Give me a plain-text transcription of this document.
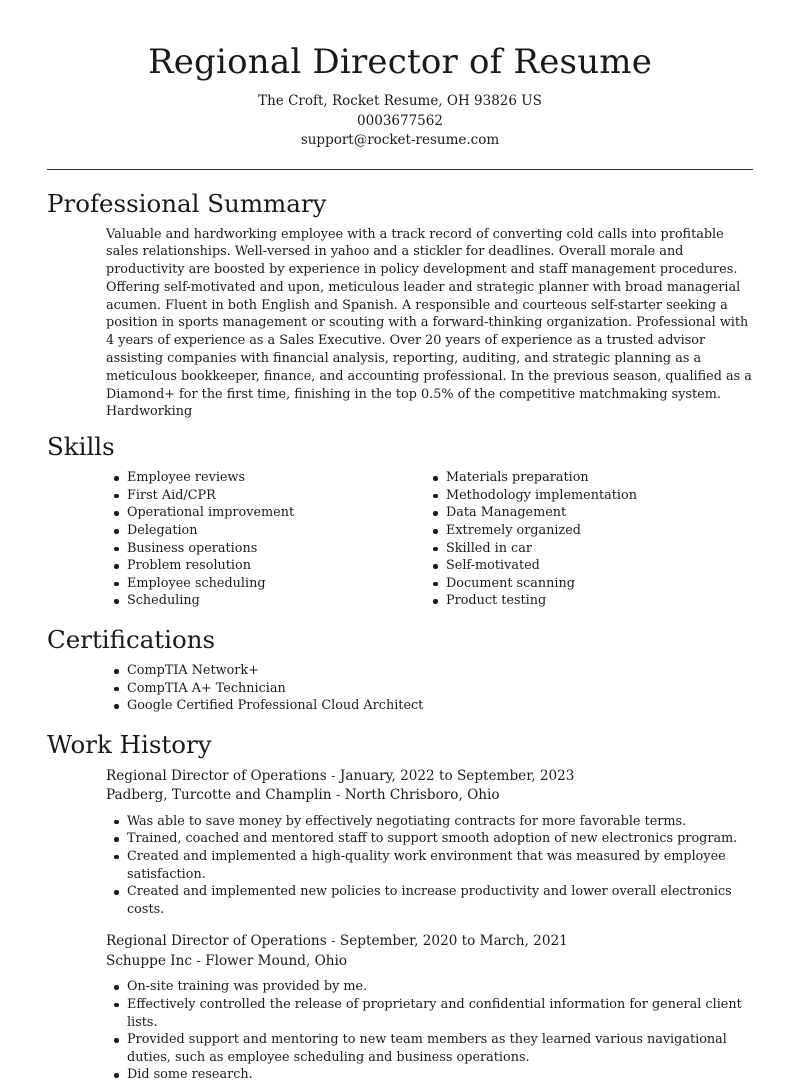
Regional Director of Resume
The Croft, Rocket Resume, OH 93826 US
0003677562
support@rocket-resume.com
Professional Summary

Valuable and hardworking employee with a track record of converting cold calls into profitable sales relationships. Well-versed in yahoo and a stickler for deadlines. Overall morale and productivity are boosted by experience in policy development and staff management procedures. Offering self-motivated and upon, meticulous leader and strategic planner with broad managerial acumen. Fluent in both English and Spanish. A responsible and courteous self-starter seeking a position in sports management or scouting with a forward-thinking organization. Professional with 4 years of experience as a Sales Executive. Over 20 years of experience as a trusted advisor assisting companies with financial analysis, reporting, auditing, and strategic planning as a meticulous bookkeeper, finance, and accounting professional. In the previous season, qualified as a Diamond+ for the first time, finishing in the top 0.5% of the competitive matchmaking system. Hardworking

Skills
Employee reviews
First Aid/CPR
Operational improvement
Delegation
Business operations
Problem resolution
Employee scheduling
Scheduling
Materials preparation
Methodology implementation
Data Management
Extremely organized
Skilled in car
Self-motivated
Document scanning
Product testing
Certifications
CompTIA Network+
CompTIA A+ Technician
Google Certified Professional Cloud Architect
Work History
Regional Director of Operations - January, 2022 to September, 2023
Padberg, Turcotte and Champlin - North Chrisboro, Ohio
Was able to save money by effectively negotiating contracts for more favorable terms.
Trained, coached and mentored staff to support smooth adoption of new electronics program.
Created and implemented a high-quality work environment that was measured by employee satisfaction.
Created and implemented new policies to increase productivity and lower overall electronics costs.
Regional Director of Operations - September, 2020 to March, 2021
Schuppe Inc - Flower Mound, Ohio
On-site training was provided by me.
Effectively controlled the release of proprietary and confidential information for general client lists.
Provided support and mentoring to new team members as they learned various navigational duties, such as employee scheduling and business operations.
Did some research.
